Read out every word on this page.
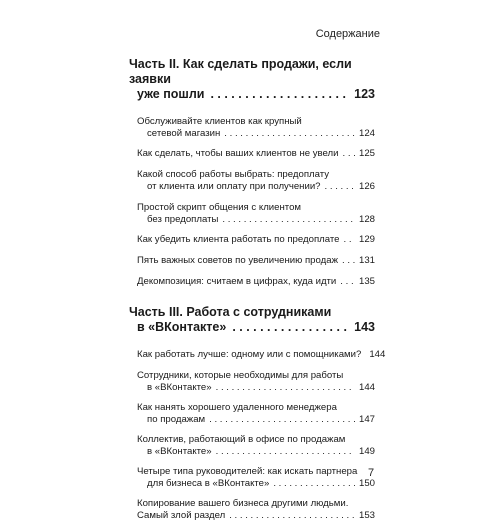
Содержание
Часть II. Как сделать продажи, если заявки
уже пошли . . .	123
Обслуживайте клиентов как крупный
сетевой магазин . . .	124
Как сделать, чтобы ваших клиентов не увели . . . 125
Какой способ работы выбрать: предоплату
от клиента или оплату при получении? . . .	126
Простой скрипт общения с клиентом
без предоплаты . . .	128
Как убедить клиента работать по предоплате . . . 129
Пять важных советов по увеличению продаж . . . 131
Декомпозиция: считаем в цифрах, куда идти . . . 135
Часть III. Работа с сотрудниками
в «ВКонтакте» . . .	143
Как работать лучше: одному или с помощниками? 144
Сотрудники, которые необходимы для работы
в «ВКонтакте» . . .	144
Как нанять хорошего удаленного менеджера
по продажам . . .	147
Коллектив, работающий в офисе по продажам
в «ВКонтакте» . . .	149
Четыре типа руководителей: как искать партнера
для бизнеса в «ВКонтакте» . . .	150
Копирование вашего бизнеса другими людьми.
Самый злой раздел . . .	153
7
